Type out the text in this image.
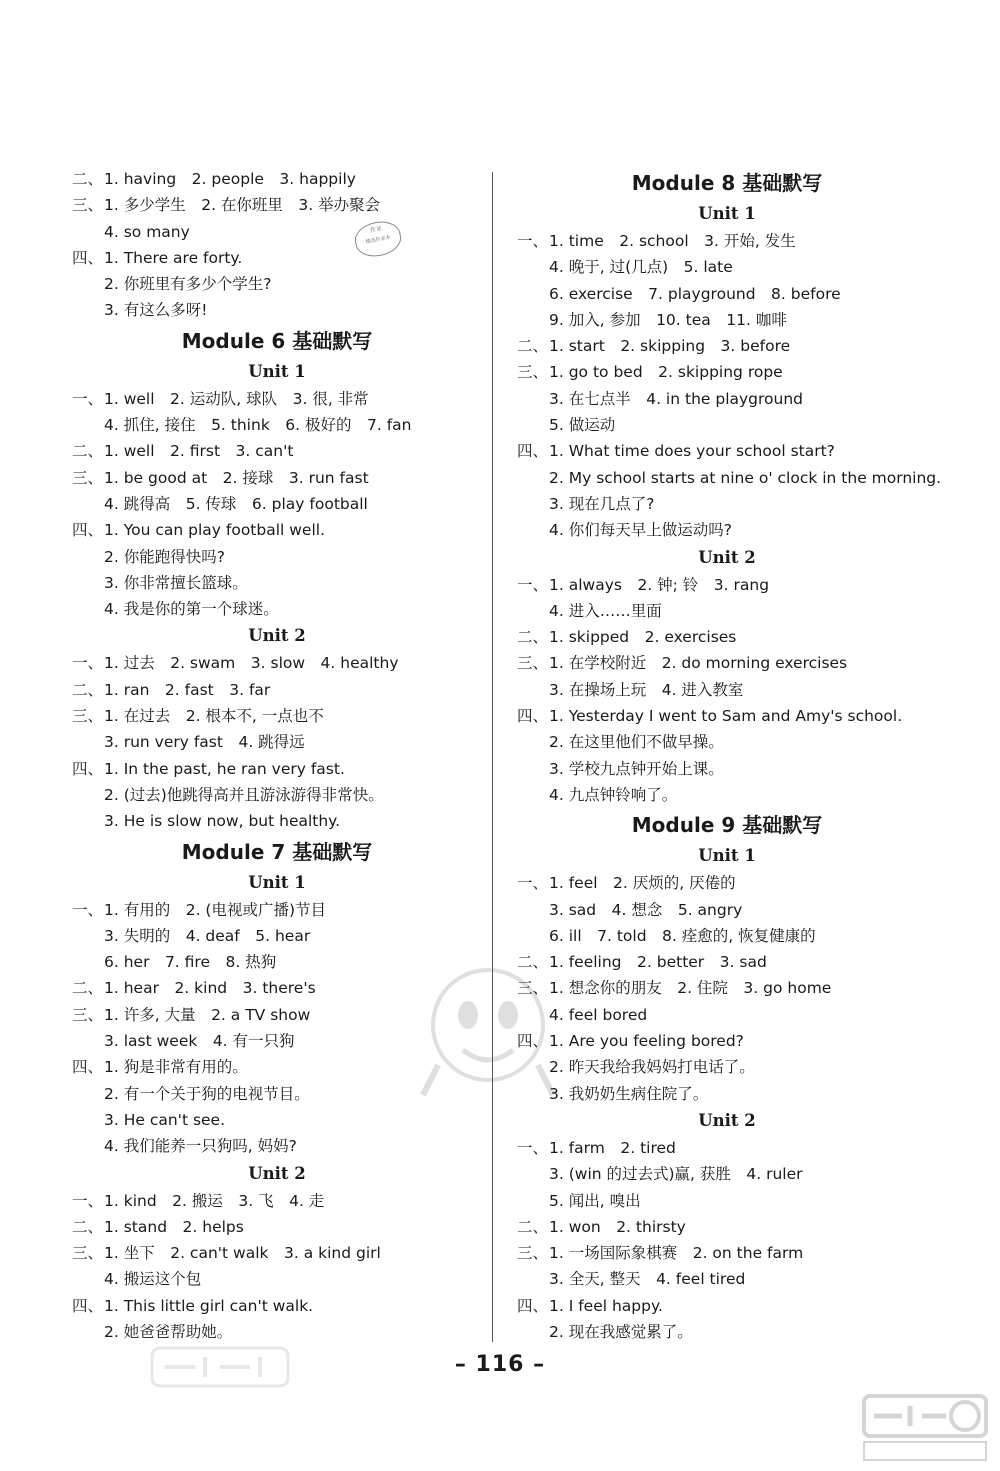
二、1. having　2. people　3. happily
三、1. 多少学生　2. 在你班里　3. 举办聚会
4. so many
四、1. There are forty.
2. 你班里有多少个学生?
3. 有这么多呀!
Module 6 基础默写
Unit 1
一、1. well　2. 运动队, 球队　3. 很, 非常
4. 抓住, 接住　5. think　6. 极好的　7. fan
二、1. well　2. first　3. can't
三、1. be good at　2. 接球　3. run fast
4. 跳得高　5. 传球　6. play football
四、1. You can play football well.
2. 你能跑得快吗?
3. 你非常擅长篮球。
4. 我是你的第一个球迷。
Unit 2
一、1. 过去　2. swam　3. slow　4. healthy
二、1. ran　2. fast　3. far
三、1. 在过去　2. 根本不, 一点也不
3. run very fast　4. 跳得远
四、1. In the past, he ran very fast.
2. (过去)他跳得高并且游泳游得非常快。
3. He is slow now, but healthy.
Module 7 基础默写
Unit 1
一、1. 有用的　2. (电视或广播)节目
3. 失明的　4. deaf　5. hear
6. her　7. fire　8. 热狗
二、1. hear　2. kind　3. there's
三、1. 许多, 大量　2. a TV show
3. last week　4. 有一只狗
四、1. 狗是非常有用的。
2. 有一个关于狗的电视节目。
3. He can't see.
4. 我们能养一只狗吗, 妈妈?
Unit 2
一、1. kind　2. 搬运　3. 飞　4. 走
二、1. stand　2. helps
三、1. 坐下　2. can't walk　3. a kind girl
4. 搬运这个包
四、1. This little girl can't walk.
2. 她爸爸帮助她。
Module 8 基础默写
Unit 1
一、1. time　2. school　3. 开始, 发生
4. 晚于, 过(几点)　5. late
6. exercise　7. playground　8. before
9. 加入, 参加　10. tea　11. 咖啡
二、1. start　2. skipping　3. before
三、1. go to bed　2. skipping rope
3. 在七点半　4. in the playground
5. 做运动
四、1. What time does your school start?
2. My school starts at nine o' clock in the morning.
3. 现在几点了?
4. 你们每天早上做运动吗?
Unit 2
一、1. always　2. 钟; 铃　3. rang
4. 进入……里面
二、1. skipped　2. exercises
三、1. 在学校附近　2. do morning exercises
3. 在操场上玩　4. 进入教室
四、1. Yesterday I went to Sam and Amy's school.
2. 在这里他们不做早操。
3. 学校九点钟开始上课。
4. 九点钟铃响了。
Module 9 基础默写
Unit 1
一、1. feel　2. 厌烦的, 厌倦的
3. sad　4. 想念　5. angry
6. ill　7. told　8. 痊愈的, 恢复健康的
二、1. feeling　2. better　3. sad
三、1. 想念你的朋友　2. 住院　3. go home
4. feel bored
四、1. Are you feeling bored?
2. 昨天我给我妈妈打电话了。
3. 我奶奶生病住院了。
Unit 2
一、1. farm　2. tired
3. (win 的过去式)赢, 获胜　4. ruler
5. 闻出, 嗅出
二、1. won　2. thirsty
三、1. 一场国际象棋赛　2. on the farm
3. 全天, 整天　4. feel tired
四、1. I feel happy.
2. 现在我感觉累了。
作业
精选作业本
– 116 –
